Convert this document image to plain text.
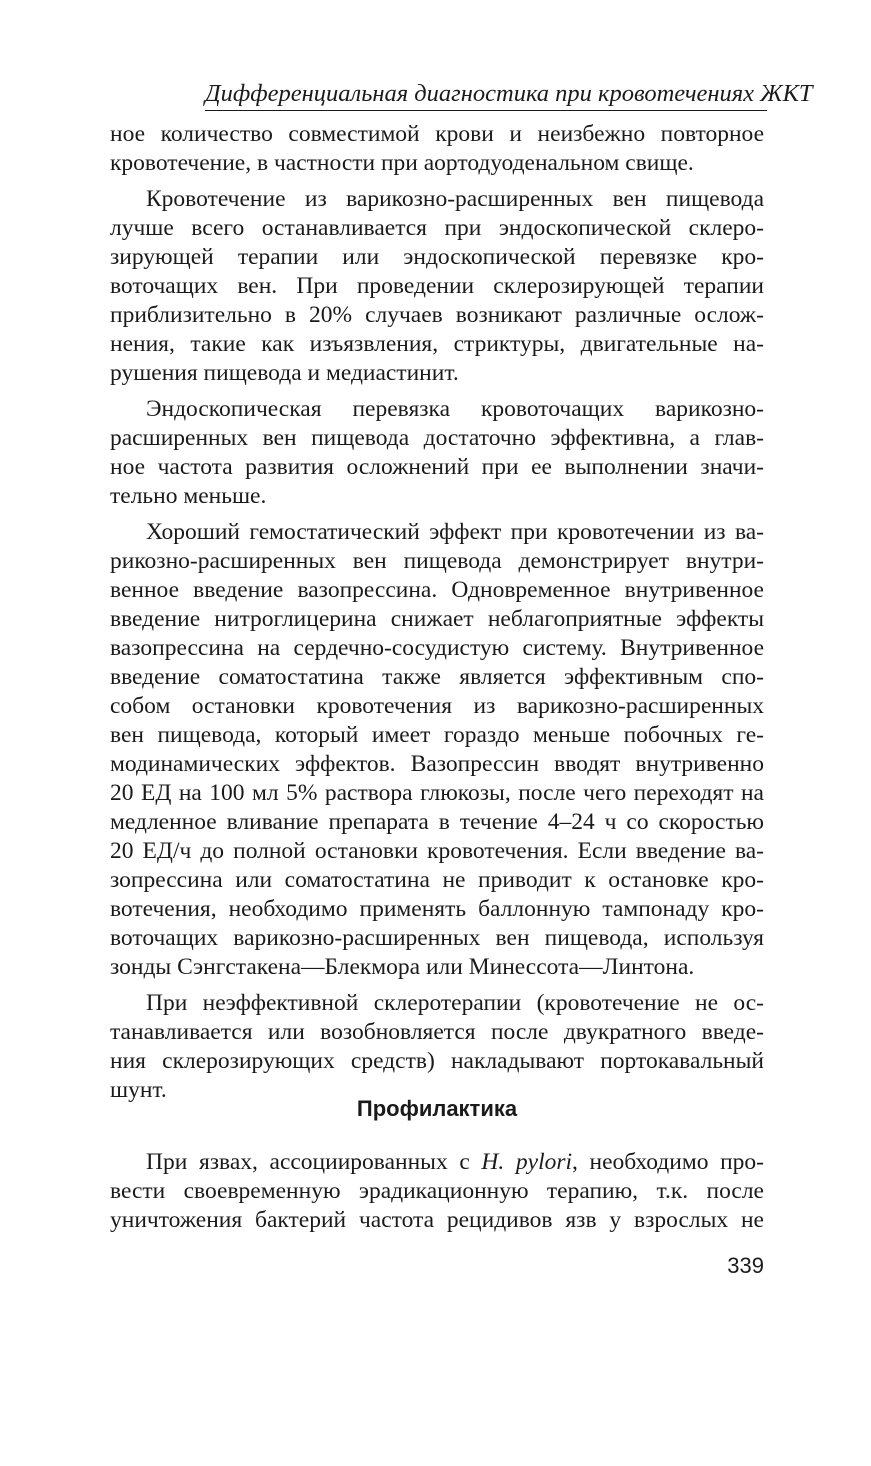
Дифференциальная диагностика при кровотечениях ЖКТ

ное количество совместимой крови и неизбежно повторное
кровотечение, в частности при аортодуоденальном свище.

Кровотечение из варикозно-расширенных вен пищевода
лучше всего останавливается при эндоскопической склеро-
зирующей терапии или эндоскопической перевязке кро-
воточащих вен. При проведении склерозирующей терапии
приблизительно в 20% случаев возникают различные ослож-
нения, такие как изъязвления, стриктуры, двигательные на-
рушения пищевода и медиастинит.

Эндоскопическая перевязка кровоточащих варикозно-
расширенных вен пищевода достаточно эффективна, а глав-
ное частота развития осложнений при ее выполнении значи-
тельно меньше.

Хороший гемостатический эффект при кровотечении из ва-
рикозно-расширенных вен пищевода демонстрирует внутри-
венное введение вазопрессина. Одновременное внутривенное
введение нитроглицерина снижает неблагоприятные эффекты
вазопрессина на сердечно-сосудистую систему. Внутривенное
введение соматостатина также является эффективным спо-
собом остановки кровотечения из варикозно-расширенных
вен пищевода, который имеет гораздо меньше побочных ге-
модинамических эффектов. Вазопрессин вводят внутривенно
20 ЕД на 100 мл 5% раствора глюкозы, после чего переходят на
медленное вливание препарата в течение 4–24 ч со скоростью
20 ЕД/ч до полной остановки кровотечения. Если введение ва-
зопрессина или соматостатина не приводит к остановке кро-
вотечения, необходимо применять баллонную тампонаду кро-
воточащих варикозно-расширенных вен пищевода, используя
зонды Сэнгстакена—Блекмора или Минессота—Линтона.

При неэффективной склеротерапии (кровотечение не ос-
танавливается или возобновляется после двукратного введе-
ния склерозирующих средств) накладывают портокавальный
шунт.

Профилактика

При язвах, ассоциированных с H. pylori, необходимо про-
вести своевременную эрадикационную терапию, т.к. после
уничтожения бактерий частота рецидивов язв у взрослых не

339
